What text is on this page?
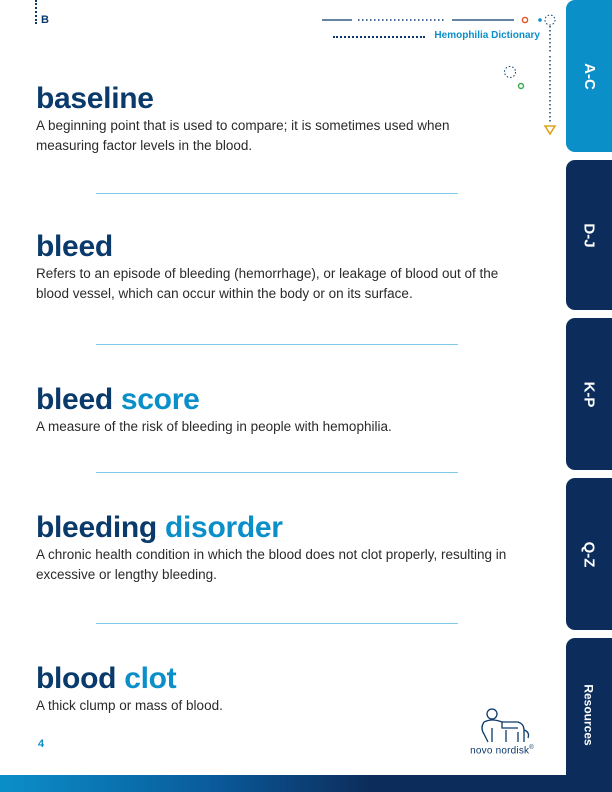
B
Hemophilia Dictionary
baseline

A beginning point that is used to compare; it is sometimes used when measuring factor levels in the blood.

bleed

Refers to an episode of bleeding (hemorrhage), or leakage of blood out of the blood vessel, which can occur within the body or on its surface.

bleed score

A measure of the risk of bleeding in people with hemophilia.

bleeding disorder

A chronic health condition in which the blood does not clot properly, resulting in excessive or lengthy bleeding.

blood clot

A thick clump or mass of blood.

4
novo nordisk®
A-C
D-J
K-P
Q-Z
Resources
